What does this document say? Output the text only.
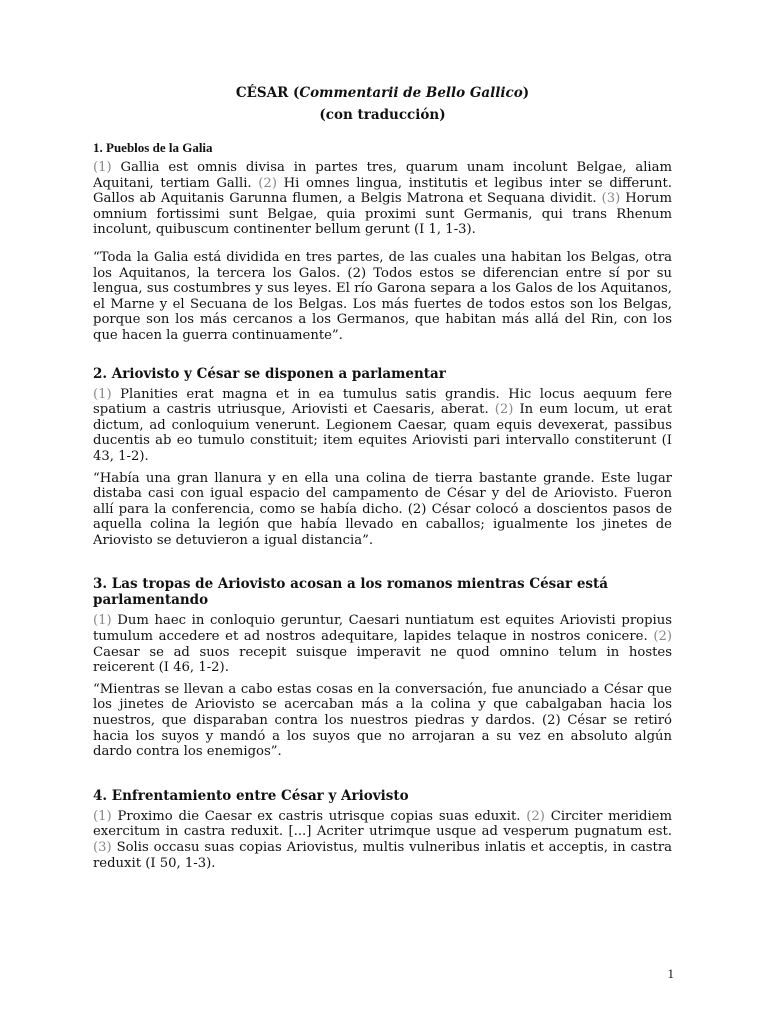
CÉSAR (Commentarii de Bello Gallico)
(con traducción)
1. Pueblos de la Galia

(1) Gallia est omnis divisa in partes tres, quarum unam incolunt Belgae, aliam Aquitani, tertiam Galli. (2) Hi omnes lingua, institutis et legibus inter se differunt. Gallos ab Aquitanis Garunna flumen, a Belgis Matrona et Sequana dividit. (3) Horum omnium fortissimi sunt Belgae, quia proximi sunt Germanis, qui trans Rhenum incolunt, quibuscum continenter bellum gerunt (I 1, 1-3).

“Toda la Galia está dividida en tres partes, de las cuales una habitan los Belgas, otra los Aquitanos, la tercera los Galos. (2) Todos estos se diferencian entre sí por su lengua, sus costumbres y sus leyes. El río Garona separa a los Galos de los Aquitanos, el Marne y el Secuana de los Belgas. Los más fuertes de todos estos son los Belgas, porque son los más cercanos a los Germanos, que habitan más allá del Rin, con los que hacen la guerra continuamente”.

2. Ariovisto y César se disponen a parlamentar

(1) Planities erat magna et in ea tumulus satis grandis. Hic locus aequum fere spatium a castris utriusque, Ariovisti et Caesaris, aberat. (2) In eum locum, ut erat dictum, ad conloquium venerunt. Legionem Caesar, quam equis devexerat, passibus ducentis ab eo tumulo constituit; item equites Ariovisti pari intervallo constiterunt (I 43, 1-2).

“Había una gran llanura y en ella una colina de tierra bastante grande. Este lugar distaba casi con igual espacio del campamento de César y del de Ariovisto. Fueron allí para la conferencia, como se había dicho. (2) César colocó a doscientos pasos de aquella colina la legión que había llevado en caballos; igualmente los jinetes de Ariovisto se detuvieron a igual distancia”.

3. Las tropas de Ariovisto acosan a los romanos mientras César está parlamentando

(1) Dum haec in conloquio geruntur, Caesari nuntiatum est equites Ariovisti propius tumulum accedere et ad nostros adequitare, lapides telaque in nostros conicere. (2) Caesar se ad suos recepit suisque imperavit ne quod omnino telum in hostes reicerent (I 46, 1-2).

“Mientras se llevan a cabo estas cosas en la conversación, fue anunciado a César que los jinetes de Ariovisto se acercaban más a la colina y que cabalgaban hacia los nuestros, que disparaban contra los nuestros piedras y dardos. (2) César se retiró hacia los suyos y mandó a los suyos que no arrojaran a su vez en absoluto algún dardo contra los enemigos”.

4. Enfrentamiento entre César y Ariovisto

(1) Proximo die Caesar ex castris utrisque copias suas eduxit. (2) Circiter meridiem exercitum in castra reduxit. [...] Acriter utrimque usque ad vesperum pugnatum est. (3) Solis occasu suas copias Ariovistus, multis vulneribus inlatis et acceptis, in castra reduxit (I 50, 1-3).

1
